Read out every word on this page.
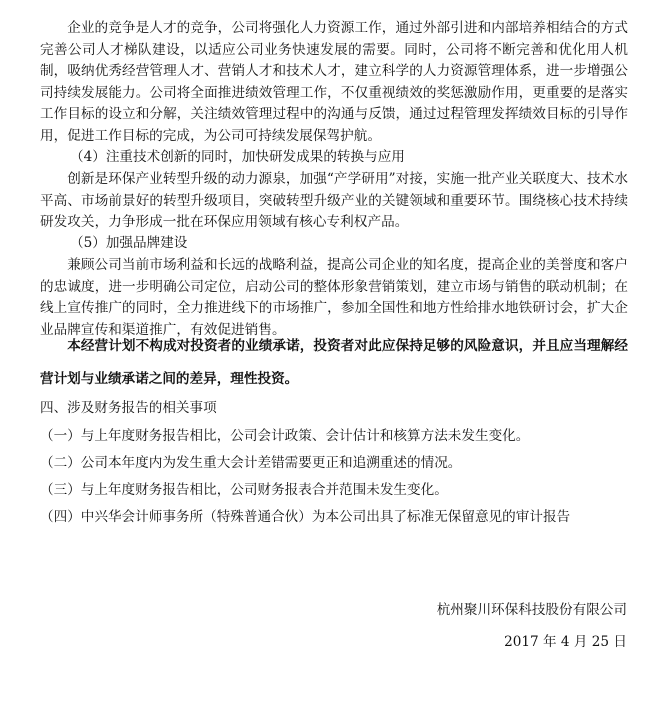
企业的竞争是人才的竞争，公司将强化人力资源工作，通过外部引进和内部培养相结合的方式完善公司人才梯队建设，以适应公司业务快速发展的需要。同时，公司将不断完善和优化用人机制，吸纳优秀经营管理人才、营销人才和技术人才，建立科学的人力资源管理体系，进一步增强公司持续发展能力。公司将全面推进绩效管理工作，不仅重视绩效的奖惩激励作用，更重要的是落实工作目标的设立和分解，关注绩效管理过程中的沟通与反馈，通过过程管理发挥绩效目标的引导作用，促进工作目标的完成，为公司可持续发展保驾护航。

（4）注重技术创新的同时，加快研发成果的转换与应用

创新是环保产业转型升级的动力源泉，加强“产学研用”对接，实施一批产业关联度大、技术水平高、市场前景好的转型升级项目，突破转型升级产业的关键领域和重要环节。围绕核心技术持续研发攻关，力争形成一批在环保应用领域有核心专利权产品。

（5）加强品牌建设

兼顾公司当前市场利益和长远的战略利益，提高公司企业的知名度，提高企业的美誉度和客户的忠诚度，进一步明确公司定位，启动公司的整体形象营销策划，建立市场与销售的联动机制；在线上宣传推广的同时，全力推进线下的市场推广，参加全国性和地方性给排水地铁研讨会，扩大企业品牌宣传和渠道推广，有效促进销售。

本经营计划不构成对投资者的业绩承诺，投资者对此应保持足够的风险意识，并且应当理解经营计划与业绩承诺之间的差异，理性投资。

四、涉及财务报告的相关事项

（一）与上年度财务报告相比，公司会计政策、会计估计和核算方法未发生变化。

（二）公司本年度内为发生重大会计差错需要更正和追溯重述的情况。

（三）与上年度财务报告相比，公司财务报表合并范围未发生变化。

（四）中兴华会计师事务所（特殊普通合伙）为本公司出具了标准无保留意见的审计报告

杭州聚川环保科技股份有限公司

2017 年 4 月 25 日
